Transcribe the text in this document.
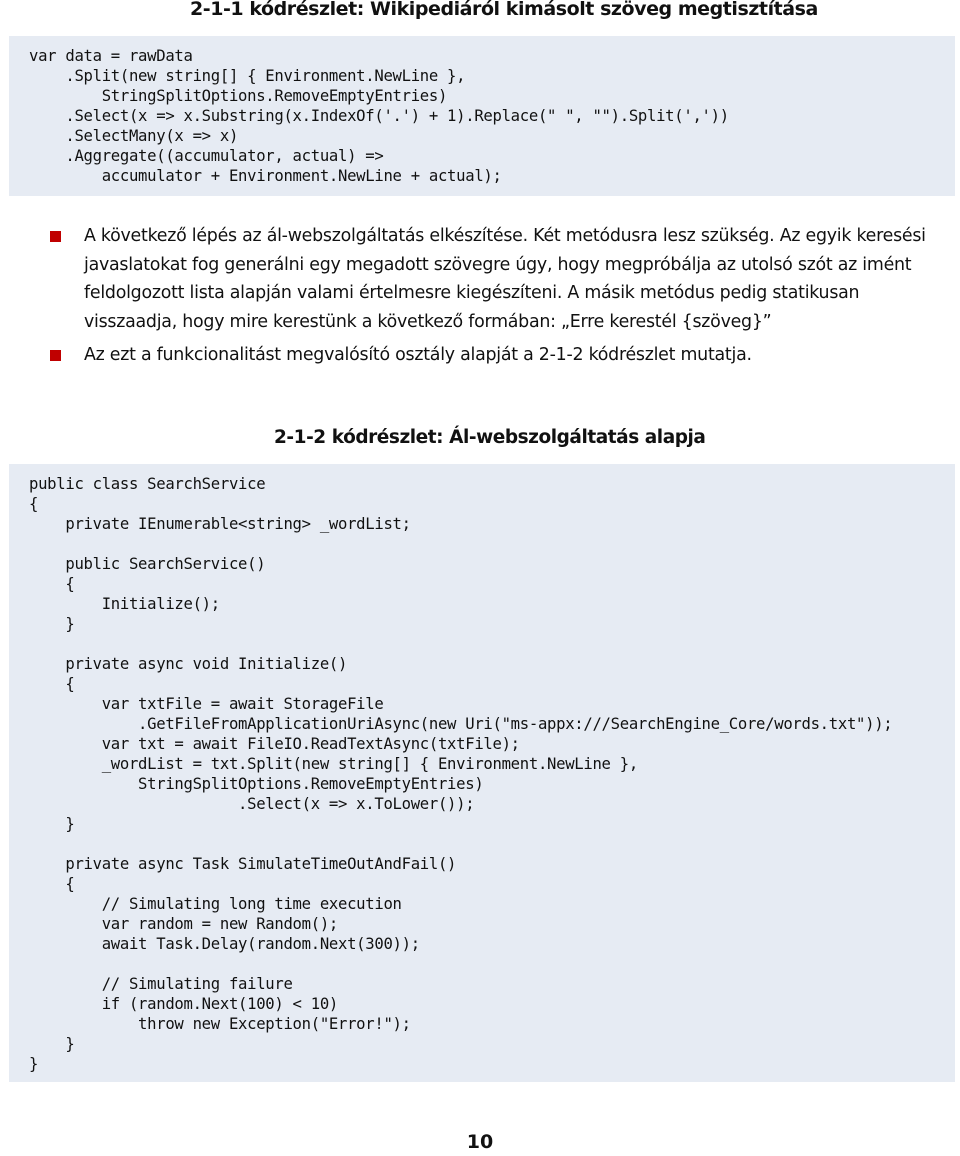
2-1-1 kódrészlet: Wikipediáról kimásolt szöveg megtisztítása
var data = rawData
.Split(new string[] { Environment.NewLine },
StringSplitOptions.RemoveEmptyEntries)
.Select(x => x.Substring(x.IndexOf('.') + 1).Replace(" ", "").Split(','))
.SelectMany(x => x)
.Aggregate((accumulator, actual) =>
accumulator + Environment.NewLine + actual);
A következő lépés az ál-webszolgáltatás elkészítése. Két metódusra lesz szükség. Az egyik keresési javaslatokat fog generálni egy megadott szövegre úgy, hogy megpróbálja az utolsó szót az imént feldolgozott lista alapján valami értelmesre kiegészíteni. A másik metódus pedig statikusan visszaadja, hogy mire kerestünk a következő formában: „Erre kerestél {szöveg}”
Az ezt a funkcionalitást megvalósító osztály alapját a 2-1-2 kódrészlet mutatja.
2-1-2 kódrészlet: Ál-webszolgáltatás alapja
public class SearchService
{
private IEnumerable<string> _wordList;

public SearchService()
{
Initialize();
}

private async void Initialize()
{
var txtFile = await StorageFile
.GetFileFromApplicationUriAsync(new Uri("ms-appx:///SearchEngine_Core/words.txt"));
var txt = await FileIO.ReadTextAsync(txtFile);
_wordList = txt.Split(new string[] { Environment.NewLine },
StringSplitOptions.RemoveEmptyEntries)
.Select(x => x.ToLower());
}

private async Task SimulateTimeOutAndFail()
{
// Simulating long time execution
var random = new Random();
await Task.Delay(random.Next(300));

// Simulating failure
if (random.Next(100) < 10)
throw new Exception("Error!");
}
}
10
